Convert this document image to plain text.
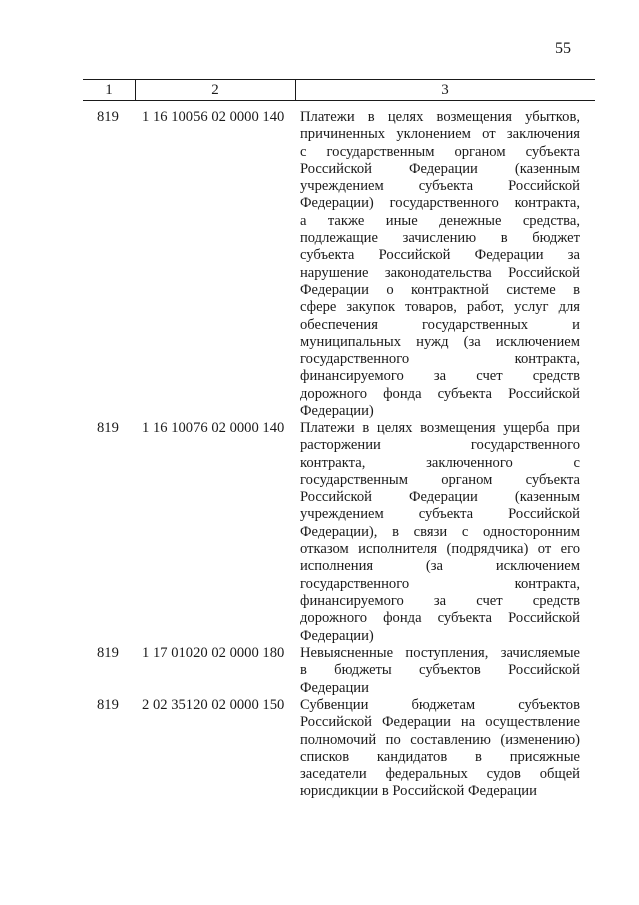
55
1	2	3
819	1 16 10056 02 0000 140	Платежи в целях возмещения убытков,
причиненных уклонением от заключения
с государственным органом субъекта
Российской Федерации (казенным
учреждением субъекта Российской
Федерации) государственного контракта,
а также иные денежные средства,
подлежащие зачислению в бюджет
субъекта Российской Федерации за
нарушение законодательства Российской
Федерации о контрактной системе в
сфере закупок товаров, работ, услуг для
обеспечения государственных и
муниципальных нужд (за исключением
государственного контракта,
финансируемого за счет средств
дорожного фонда субъекта Российской
Федерации)
819	1 16 10076 02 0000 140	Платежи в целях возмещения ущерба при
расторжении государственного
контракта, заключенного с
государственным органом субъекта
Российской Федерации (казенным
учреждением субъекта Российской
Федерации), в связи с односторонним
отказом исполнителя (подрядчика) от его
исполнения (за исключением
государственного контракта,
финансируемого за счет средств
дорожного фонда субъекта Российской
Федерации)
819	1 17 01020 02 0000 180	Невыясненные поступления, зачисляемые
в бюджеты субъектов Российской
Федерации
819	2 02 35120 02 0000 150	Субвенции бюджетам субъектов
Российской Федерации на осуществление
полномочий по составлению (изменению)
списков кандидатов в присяжные
заседатели федеральных судов общей
юрисдикции в Российской Федерации
